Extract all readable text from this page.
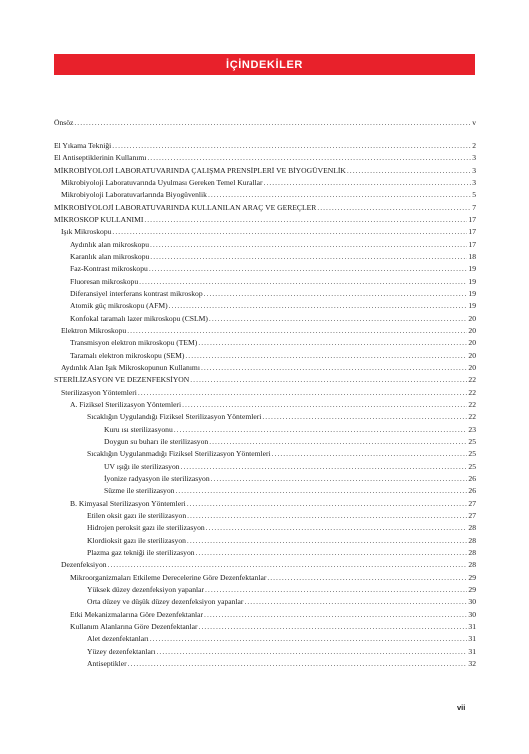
İÇİNDEKİLER
Önsöz .....	v
El Yıkama Tekniği .....	2
El Antiseptiklerinin Kullanımı .....	3
MİKROBİYOLOJİ LABORATUVARINDA ÇALIŞMA PRENSİPLERİ VE BİYOGÜVENLİK .....	3
Mikrobiyoloji Laboratuvarında Uyulması Gereken Temel Kurallar .....	3
Mikrobiyoloji Laboratuvarlarında Biyogüvenlik .....	5
MİKROBİYOLOJİ LABORATUVARINDA KULLANILAN ARAÇ VE GEREÇLER .....	7
MİKROSKOP KULLANIMI .....	17
Işık Mikroskopu .....	17
Aydınlık alan mikroskopu .....	17
Karanlık alan mikroskopu .....	18
Faz-Kontrast mikroskopu .....	19
Fluoresan mikroskopu .....	19
Diferansiyel interferans kontrast mikroskop .....	19
Atomik güç mikroskopu (AFM) .....	19
Konfokal taramalı lazer mikroskopu (CSLM) .....	20
Elektron Mikroskopu .....	20
Transmisyon elektron mikroskopu (TEM) .....	20
Taramalı elektron mikroskopu (SEM) .....	20
Aydınlık Alan Işık Mikroskopunun Kullanımı .....	20
STERİLİZASYON VE DEZENFEKSİYON .....	22
Sterilizasyon Yöntemleri .....	22
A. Fiziksel Sterilizasyon Yöntemleri .....	22
Sıcaklığın Uygulandığı Fiziksel Sterilizasyon Yöntemleri .....	22
Kuru ısı sterilizasyonu .....	23
Doygun su buharı ile sterilizasyon .....	25
Sıcaklığın Uygulanmadığı Fiziksel Sterilizasyon Yöntemleri .....	25
UV ışığı ile sterilizasyon .....	25
İyonize radyasyon ile sterilizasyon .....	26
Süzme ile sterilizasyon .....	26
B. Kimyasal Sterilizasyon Yöntemleri .....	27
Etilen oksit gazı ile sterilizasyon .....	27
Hidrojen peroksit gazı ile sterilizasyon .....	28
Klordioksit gazı ile sterilizasyon .....	28
Plazma gaz tekniği ile sterilizasyon .....	28
Dezenfeksiyon .....	28
Mikroorganizmaları Etkileme Derecelerine Göre Dezenfektanlar .....	29
Yüksek düzey dezenfeksiyon yapanlar .....	29
Orta düzey ve düşük düzey dezenfeksiyon yapanlar .....	30
Etki Mekanizmalarına Göre Dezenfektanlar .....	30
Kullanım Alanlarına Göre Dezenfektanlar .....	31
Alet dezenfektanları .....	31
Yüzey dezenfektanları .....	31
Antiseptikler .....	32
vii
